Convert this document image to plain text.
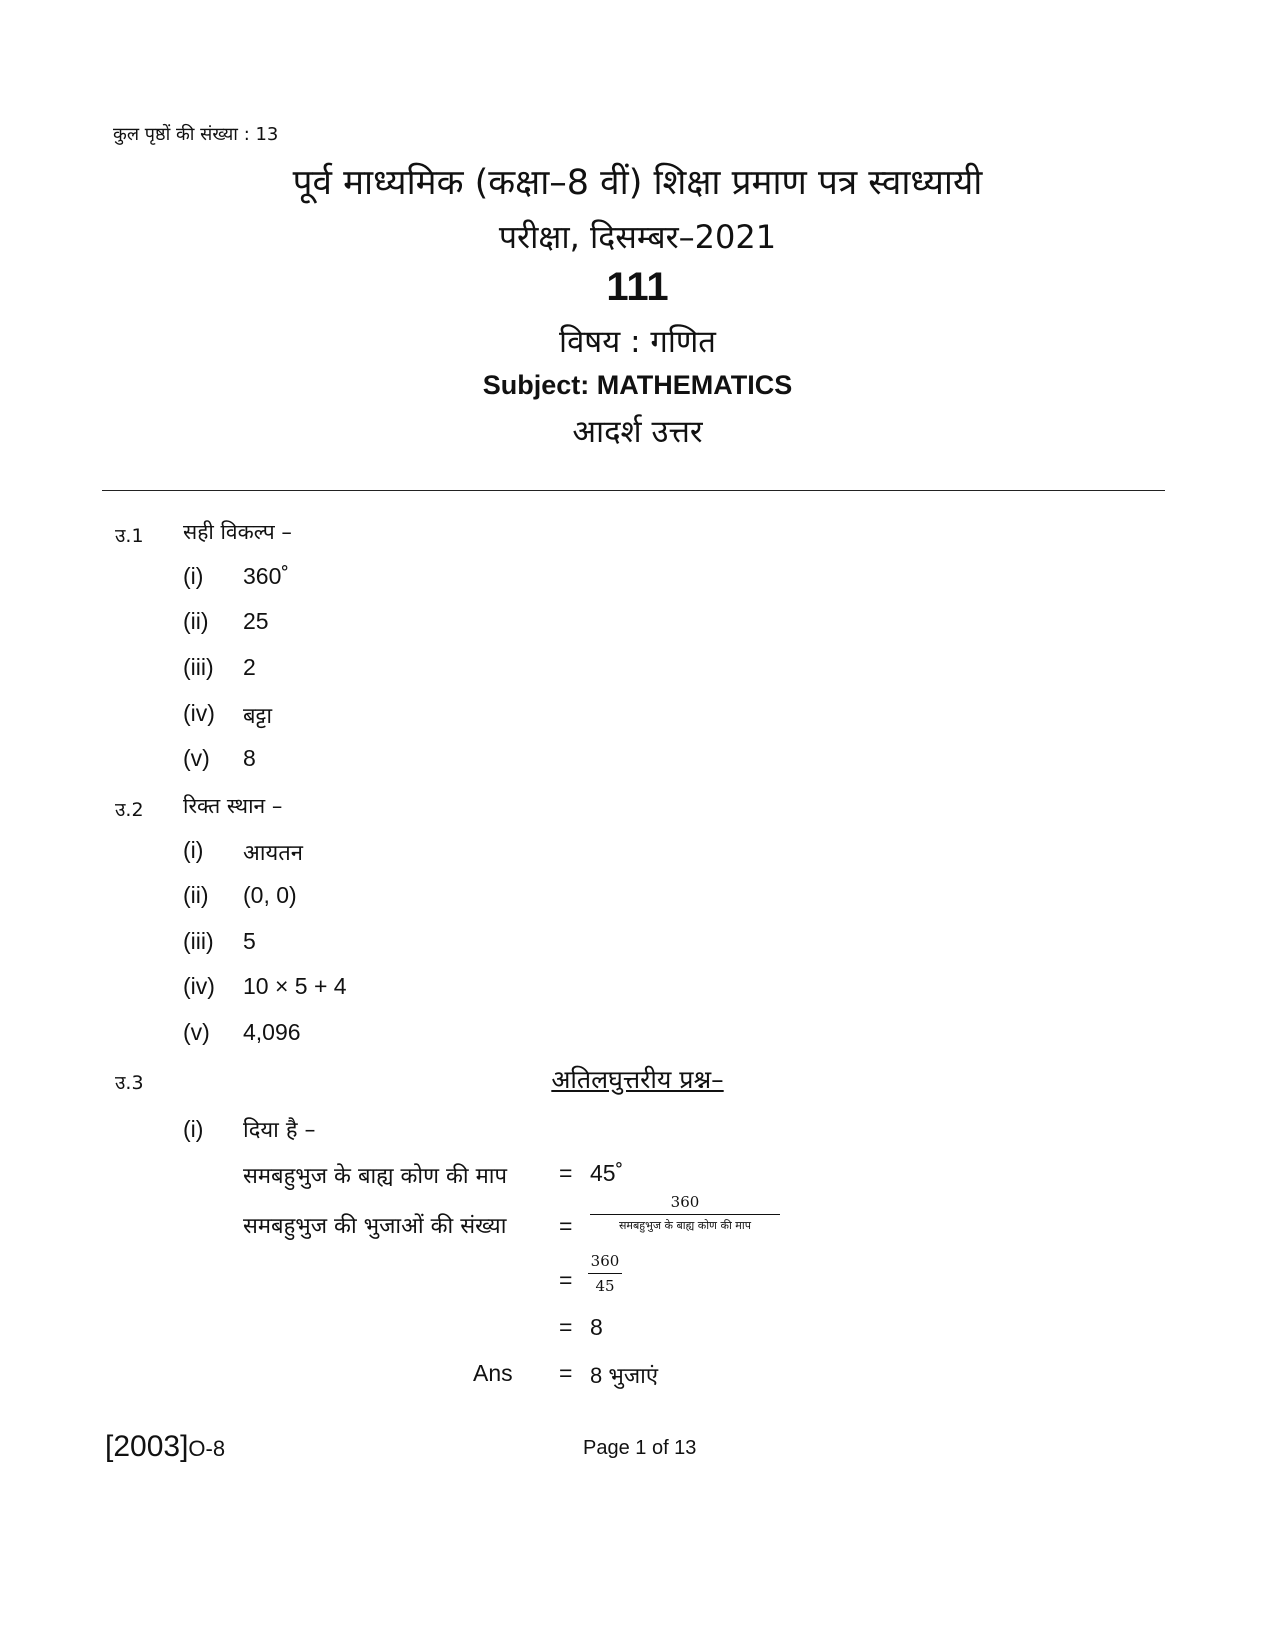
कुल पृष्ठों की संख्या : 13
पूर्व माध्यमिक (कक्षा–8 वीं) शिक्षा प्रमाण पत्र स्वाध्यायी
परीक्षा, दिसम्बर–2021
111
विषय : गणित
Subject: MATHEMATICS
आदर्श उत्तर
उ.1 सही विकल्प –
(i) 360˚
(ii) 25
(iii) 2
(iv) बट्टा
(v) 8
उ.2 रिक्त स्थान –
(i) आयतन
(ii) (0, 0)
(iii) 5
(iv) 10 × 5 + 4
(v) 4,096
उ.3	अतिलघुत्तरीय प्रश्न–
(i) दिया है –
समबहुभुज के बाह्य कोण की माप = 45˚
समबहुभुज की भुजाओं की संख्या =
360
समबहुभुज के बाह्य कोण की माप
= $\frac{360}{45}$
= 8
Ans = 8 भुजाएं
[2003]O-8	Page 1 of 13
